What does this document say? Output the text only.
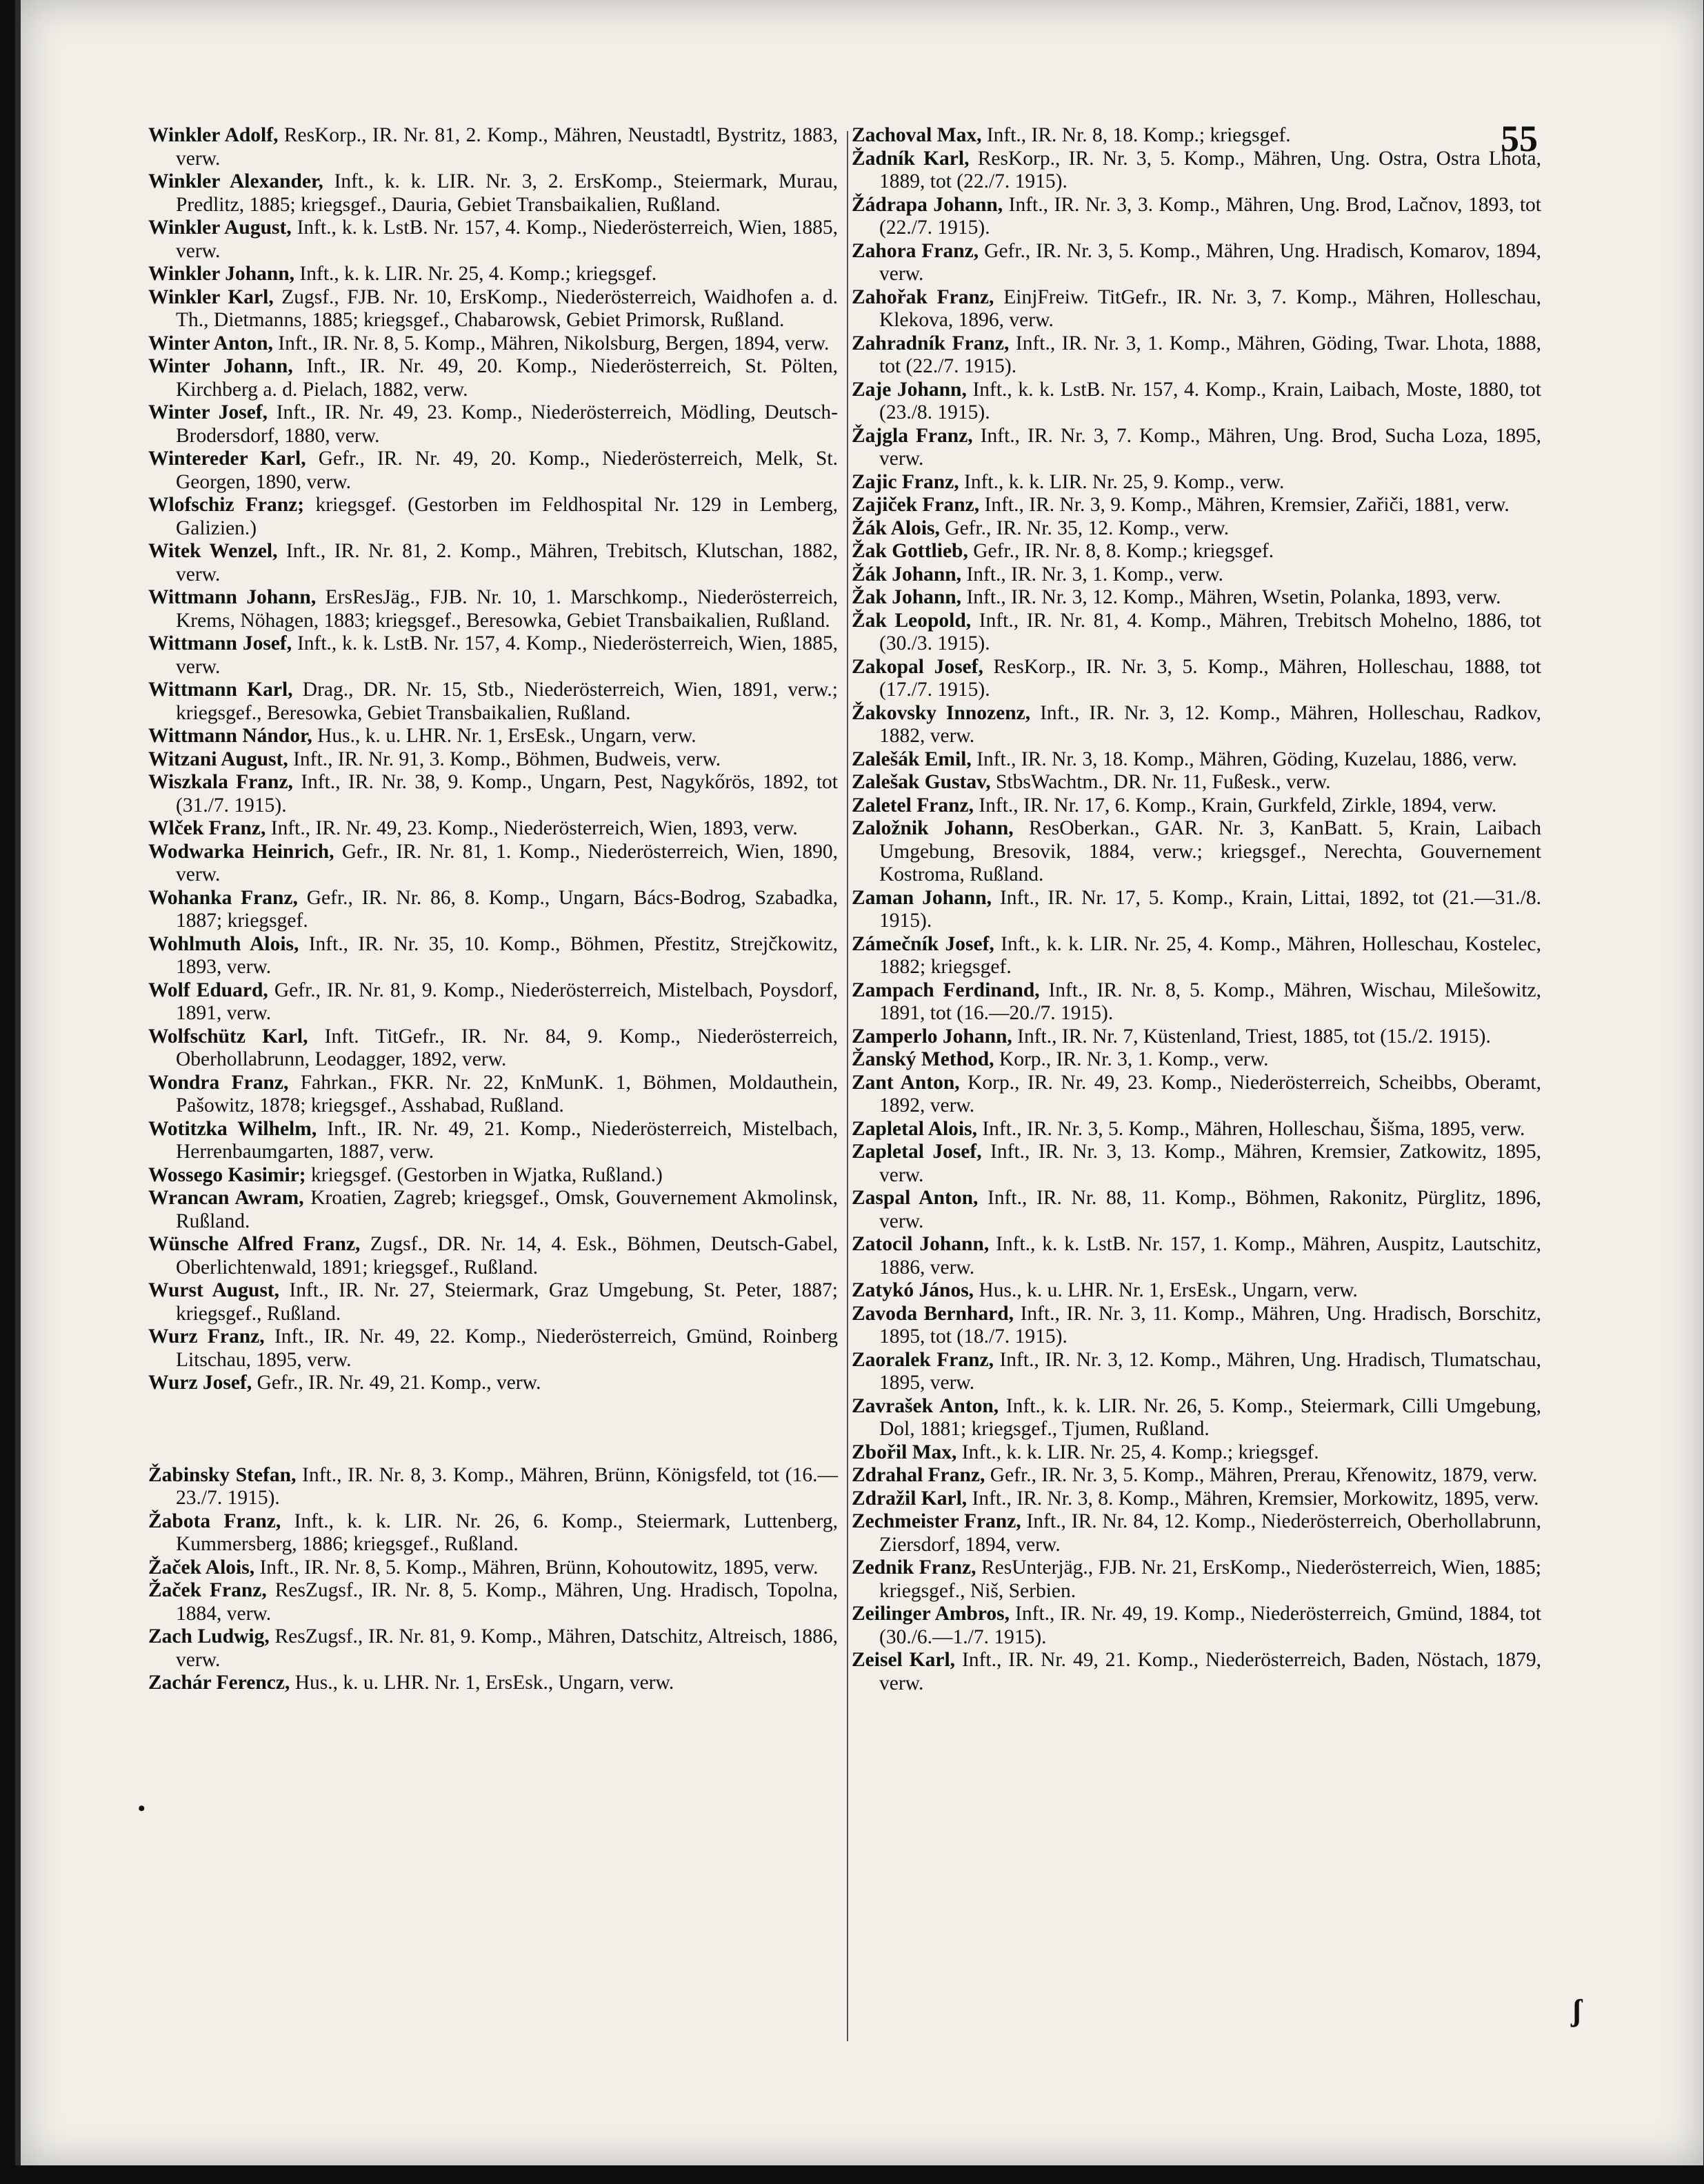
55

Winkler Adolf, ResKorp., IR. Nr. 81, 2. Komp., Mähren, Neustadtl, Bystritz, 1883, verw.

Winkler Alexander, Inft., k. k. LIR. Nr. 3, 2. ErsKomp., Steiermark, Murau, Predlitz, 1885; kriegsgef., Dauria, Gebiet Transbaikalien, Rußland.

Winkler August, Inft., k. k. LstB. Nr. 157, 4. Komp., Niederösterreich, Wien, 1885, verw.

Winkler Johann, Inft., k. k. LIR. Nr. 25, 4. Komp.; kriegsgef.

Winkler Karl, Zugsf., FJB. Nr. 10, ErsKomp., Niederösterreich, Waidhofen a. d. Th., Dietmanns, 1885; kriegsgef., Chabarowsk, Gebiet Primorsk, Rußland.

Winter Anton, Inft., IR. Nr. 8, 5. Komp., Mähren, Nikolsburg, Bergen, 1894, verw.

Winter Johann, Inft., IR. Nr. 49, 20. Komp., Niederösterreich, St. Pölten, Kirchberg a. d. Pielach, 1882, verw.

Winter Josef, Inft., IR. Nr. 49, 23. Komp., Niederösterreich, Mödling, Deutsch-Brodersdorf, 1880, verw.

Wintereder Karl, Gefr., IR. Nr. 49, 20. Komp., Niederösterreich, Melk, St. Georgen, 1890, verw.

Wlofschiz Franz; kriegsgef. (Gestorben im Feldhospital Nr. 129 in Lemberg, Galizien.)

Witek Wenzel, Inft., IR. Nr. 81, 2. Komp., Mähren, Trebitsch, Klutschan, 1882, verw.

Wittmann Johann, ErsResJäg., FJB. Nr. 10, 1. Marschkomp., Niederösterreich, Krems, Nöhagen, 1883; kriegsgef., Beresowka, Gebiet Transbaikalien, Rußland.

Wittmann Josef, Inft., k. k. LstB. Nr. 157, 4. Komp., Niederösterreich, Wien, 1885, verw.

Wittmann Karl, Drag., DR. Nr. 15, Stb., Niederösterreich, Wien, 1891, verw.; kriegsgef., Beresowka, Gebiet Transbaikalien, Rußland.

Wittmann Nándor, Hus., k. u. LHR. Nr. 1, ErsEsk., Ungarn, verw.

Witzani August, Inft., IR. Nr. 91, 3. Komp., Böhmen, Budweis, verw.

Wiszkala Franz, Inft., IR. Nr. 38, 9. Komp., Ungarn, Pest, Nagykőrös, 1892, tot (31./7. 1915).

Wlček Franz, Inft., IR. Nr. 49, 23. Komp., Niederösterreich, Wien, 1893, verw.

Wodwarka Heinrich, Gefr., IR. Nr. 81, 1. Komp., Niederösterreich, Wien, 1890, verw.

Wohanka Franz, Gefr., IR. Nr. 86, 8. Komp., Ungarn, Bács-Bodrog, Szabadka, 1887; kriegsgef.

Wohlmuth Alois, Inft., IR. Nr. 35, 10. Komp., Böhmen, Přestitz, Strejčkowitz, 1893, verw.

Wolf Eduard, Gefr., IR. Nr. 81, 9. Komp., Niederösterreich, Mistelbach, Poysdorf, 1891, verw.

Wolfschütz Karl, Inft. TitGefr., IR. Nr. 84, 9. Komp., Niederösterreich, Oberhollabrunn, Leodagger, 1892, verw.

Wondra Franz, Fahrkan., FKR. Nr. 22, KnMunK. 1, Böhmen, Moldauthein, Pašowitz, 1878; kriegsgef., Asshabad, Rußland.

Wotitzka Wilhelm, Inft., IR. Nr. 49, 21. Komp., Niederösterreich, Mistelbach, Herrenbaumgarten, 1887, verw.

Wossego Kasimir; kriegsgef. (Gestorben in Wjatka, Rußland.)

Wrancan Awram, Kroatien, Zagreb; kriegsgef., Omsk, Gouvernement Akmolinsk, Rußland.

Wünsche Alfred Franz, Zugsf., DR. Nr. 14, 4. Esk., Böhmen, Deutsch-Gabel, Oberlichtenwald, 1891; kriegsgef., Rußland.

Wurst August, Inft., IR. Nr. 27, Steiermark, Graz Umgebung, St. Peter, 1887; kriegsgef., Rußland.

Wurz Franz, Inft., IR. Nr. 49, 22. Komp., Niederösterreich, Gmünd, Roinberg Litschau, 1895, verw.

Wurz Josef, Gefr., IR. Nr. 49, 21. Komp., verw.

Žabinsky Stefan, Inft., IR. Nr. 8, 3. Komp., Mähren, Brünn, Königsfeld, tot (16.—23./7. 1915).

Žabota Franz, Inft., k. k. LIR. Nr. 26, 6. Komp., Steiermark, Luttenberg, Kummersberg, 1886; kriegsgef., Rußland.

Žaček Alois, Inft., IR. Nr. 8, 5. Komp., Mähren, Brünn, Kohoutowitz, 1895, verw.

Žaček Franz, ResZugsf., IR. Nr. 8, 5. Komp., Mähren, Ung. Hradisch, Topolna, 1884, verw.

Zach Ludwig, ResZugsf., IR. Nr. 81, 9. Komp., Mähren, Datschitz, Altreisch, 1886, verw.

Zachár Ferencz, Hus., k. u. LHR. Nr. 1, ErsEsk., Ungarn, verw.

Zachoval Max, Inft., IR. Nr. 8, 18. Komp.; kriegsgef.

Žadník Karl, ResKorp., IR. Nr. 3, 5. Komp., Mähren, Ung. Ostra, Ostra Lhota, 1889, tot (22./7. 1915).

Žádrapa Johann, Inft., IR. Nr. 3, 3. Komp., Mähren, Ung. Brod, Lačnov, 1893, tot (22./7. 1915).

Zahora Franz, Gefr., IR. Nr. 3, 5. Komp., Mähren, Ung. Hradisch, Komarov, 1894, verw.

Zahořak Franz, EinjFreiw. TitGefr., IR. Nr. 3, 7. Komp., Mähren, Holleschau, Klekova, 1896, verw.

Zahradník Franz, Inft., IR. Nr. 3, 1. Komp., Mähren, Göding, Twar. Lhota, 1888, tot (22./7. 1915).

Zaje Johann, Inft., k. k. LstB. Nr. 157, 4. Komp., Krain, Laibach, Moste, 1880, tot (23./8. 1915).

Žajgla Franz, Inft., IR. Nr. 3, 7. Komp., Mähren, Ung. Brod, Sucha Loza, 1895, verw.

Zajic Franz, Inft., k. k. LIR. Nr. 25, 9. Komp., verw.

Zajiček Franz, Inft., IR. Nr. 3, 9. Komp., Mähren, Kremsier, Zařiči, 1881, verw.

Žák Alois, Gefr., IR. Nr. 35, 12. Komp., verw.

Žak Gottlieb, Gefr., IR. Nr. 8, 8. Komp.; kriegsgef.

Žák Johann, Inft., IR. Nr. 3, 1. Komp., verw.

Žak Johann, Inft., IR. Nr. 3, 12. Komp., Mähren, Wsetin, Polanka, 1893, verw.

Žak Leopold, Inft., IR. Nr. 81, 4. Komp., Mähren, Trebitsch Mohelno, 1886, tot (30./3. 1915).

Zakopal Josef, ResKorp., IR. Nr. 3, 5. Komp., Mähren, Holleschau, 1888, tot (17./7. 1915).

Žakovsky Innozenz, Inft., IR. Nr. 3, 12. Komp., Mähren, Holleschau, Radkov, 1882, verw.

Zalešák Emil, Inft., IR. Nr. 3, 18. Komp., Mähren, Göding, Kuzelau, 1886, verw.

Zalešak Gustav, StbsWachtm., DR. Nr. 11, Fußesk., verw.

Zaletel Franz, Inft., IR. Nr. 17, 6. Komp., Krain, Gurkfeld, Zirkle, 1894, verw.

Založnik Johann, ResOberkan., GAR. Nr. 3, KanBatt. 5, Krain, Laibach Umgebung, Bresovik, 1884, verw.; kriegsgef., Nerechta, Gouvernement Kostroma, Rußland.

Zaman Johann, Inft., IR. Nr. 17, 5. Komp., Krain, Littai, 1892, tot (21.—31./8. 1915).

Zámečník Josef, Inft., k. k. LIR. Nr. 25, 4. Komp., Mähren, Holleschau, Kostelec, 1882; kriegsgef.

Zampach Ferdinand, Inft., IR. Nr. 8, 5. Komp., Mähren, Wischau, Milešowitz, 1891, tot (16.—20./7. 1915).

Zamperlo Johann, Inft., IR. Nr. 7, Küstenland, Triest, 1885, tot (15./2. 1915).

Žanský Method, Korp., IR. Nr. 3, 1. Komp., verw.

Zant Anton, Korp., IR. Nr. 49, 23. Komp., Niederösterreich, Scheibbs, Oberamt, 1892, verw.

Zapletal Alois, Inft., IR. Nr. 3, 5. Komp., Mähren, Holleschau, Šišma, 1895, verw.

Zapletal Josef, Inft., IR. Nr. 3, 13. Komp., Mähren, Kremsier, Zatkowitz, 1895, verw.

Zaspal Anton, Inft., IR. Nr. 88, 11. Komp., Böhmen, Rakonitz, Pürglitz, 1896, verw.

Zatocil Johann, Inft., k. k. LstB. Nr. 157, 1. Komp., Mähren, Auspitz, Lautschitz, 1886, verw.

Zatykó János, Hus., k. u. LHR. Nr. 1, ErsEsk., Ungarn, verw.

Zavoda Bernhard, Inft., IR. Nr. 3, 11. Komp., Mähren, Ung. Hradisch, Borschitz, 1895, tot (18./7. 1915).

Zaoralek Franz, Inft., IR. Nr. 3, 12. Komp., Mähren, Ung. Hradisch, Tlumatschau, 1895, verw.

Zavrašek Anton, Inft., k. k. LIR. Nr. 26, 5. Komp., Steiermark, Cilli Umgebung, Dol, 1881; kriegsgef., Tjumen, Rußland.

Zbořil Max, Inft., k. k. LIR. Nr. 25, 4. Komp.; kriegsgef.

Zdrahal Franz, Gefr., IR. Nr. 3, 5. Komp., Mähren, Prerau, Křenowitz, 1879, verw.

Zdražil Karl, Inft., IR. Nr. 3, 8. Komp., Mähren, Kremsier, Morkowitz, 1895, verw.

Zechmeister Franz, Inft., IR. Nr. 84, 12. Komp., Niederösterreich, Oberhollabrunn, Ziersdorf, 1894, verw.

Zednik Franz, ResUnterjäg., FJB. Nr. 21, ErsKomp., Niederösterreich, Wien, 1885; kriegsgef., Niš, Serbien.

Zeilinger Ambros, Inft., IR. Nr. 49, 19. Komp., Niederösterreich, Gmünd, 1884, tot (30./6.—1./7. 1915).

Zeisel Karl, Inft., IR. Nr. 49, 21. Komp., Niederösterreich, Baden, Nöstach, 1879, verw.

•
ʃ
